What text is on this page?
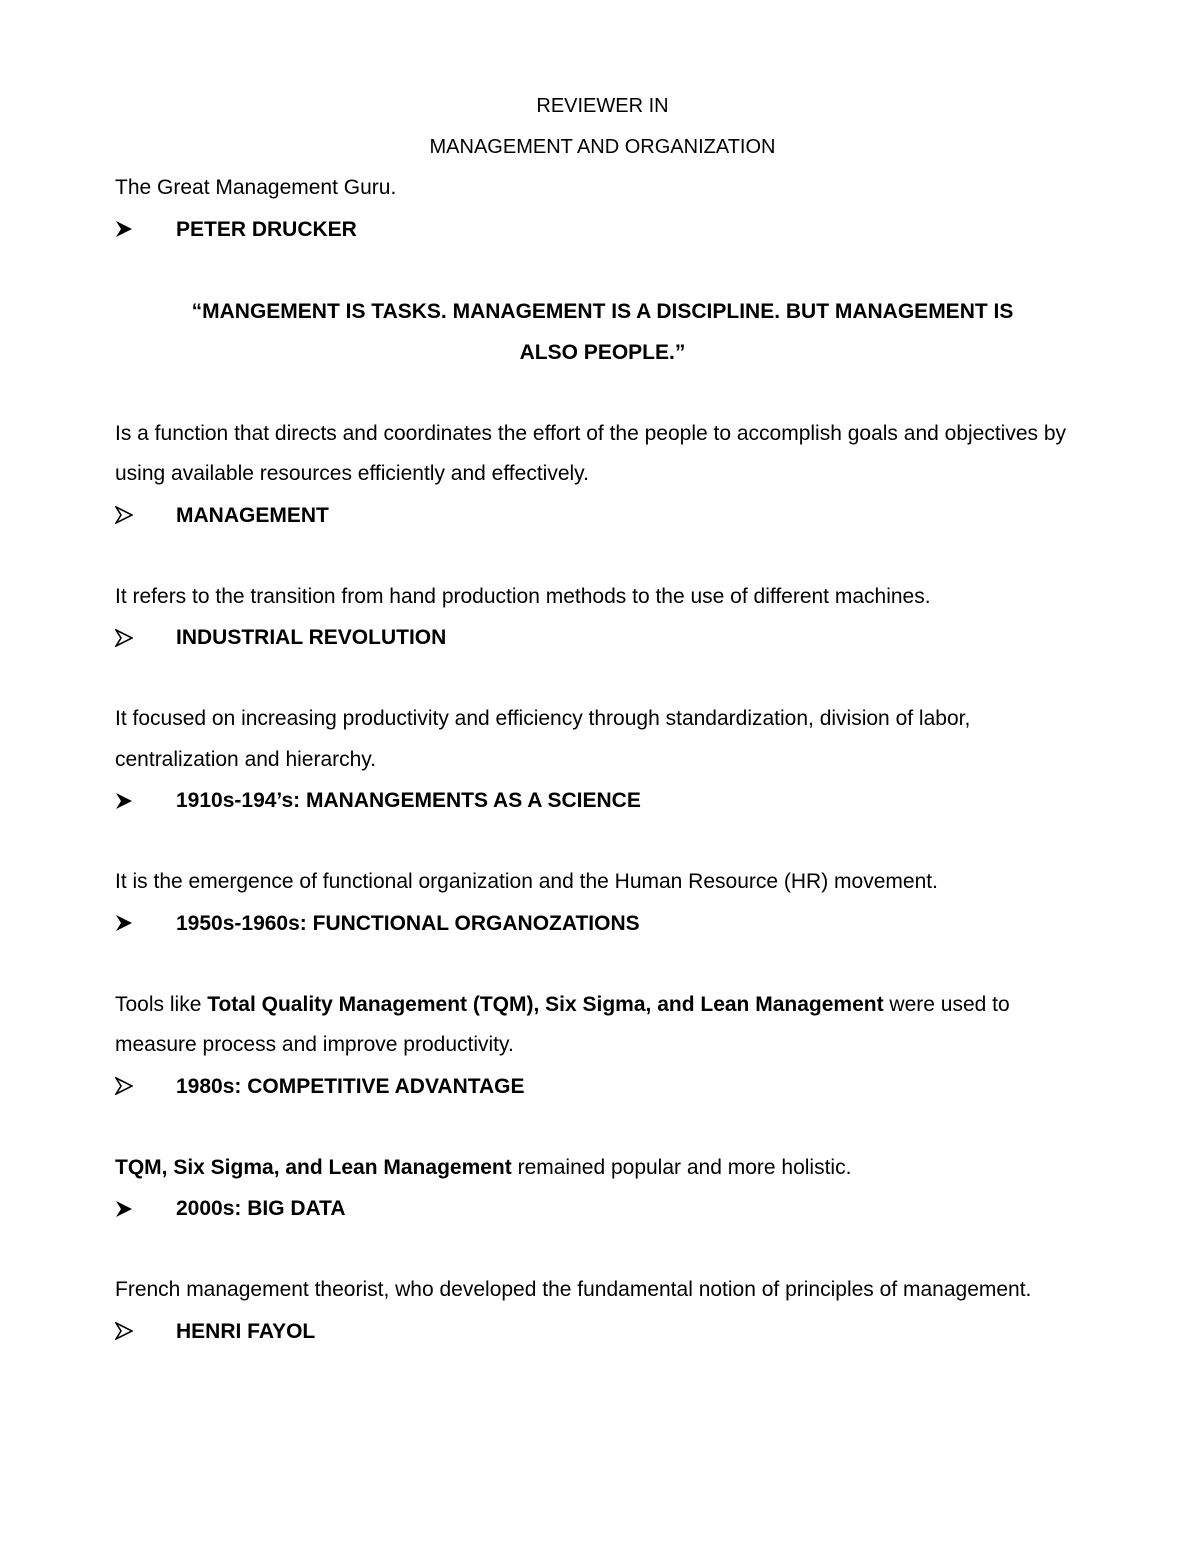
REVIEWER IN
MANAGEMENT AND ORGANIZATION

The Great Management Guru.

PETER DRUCKER
“MANGEMENT IS TASKS. MANAGEMENT IS A DISCIPLINE. BUT MANAGEMENT IS
ALSO PEOPLE.”

Is a function that directs and coordinates the effort of the people to accomplish goals and objectives by using available resources efficiently and effectively.

MANAGEMENT

It refers to the transition from hand production methods to the use of different machines.

INDUSTRIAL REVOLUTION

It focused on increasing productivity and efficiency through standardization, division of labor, centralization and hierarchy.

1910s-194’s: MANANGEMENTS AS A SCIENCE

It is the emergence of functional organization and the Human Resource (HR) movement.

1950s-1960s: FUNCTIONAL ORGANOZATIONS

Tools like Total Quality Management (TQM), Six Sigma, and Lean Management were used to measure process and improve productivity.

1980s: COMPETITIVE ADVANTAGE

TQM, Six Sigma, and Lean Management remained popular and more holistic.

2000s: BIG DATA

French management theorist, who developed the fundamental notion of principles of management.

HENRI FAYOL
